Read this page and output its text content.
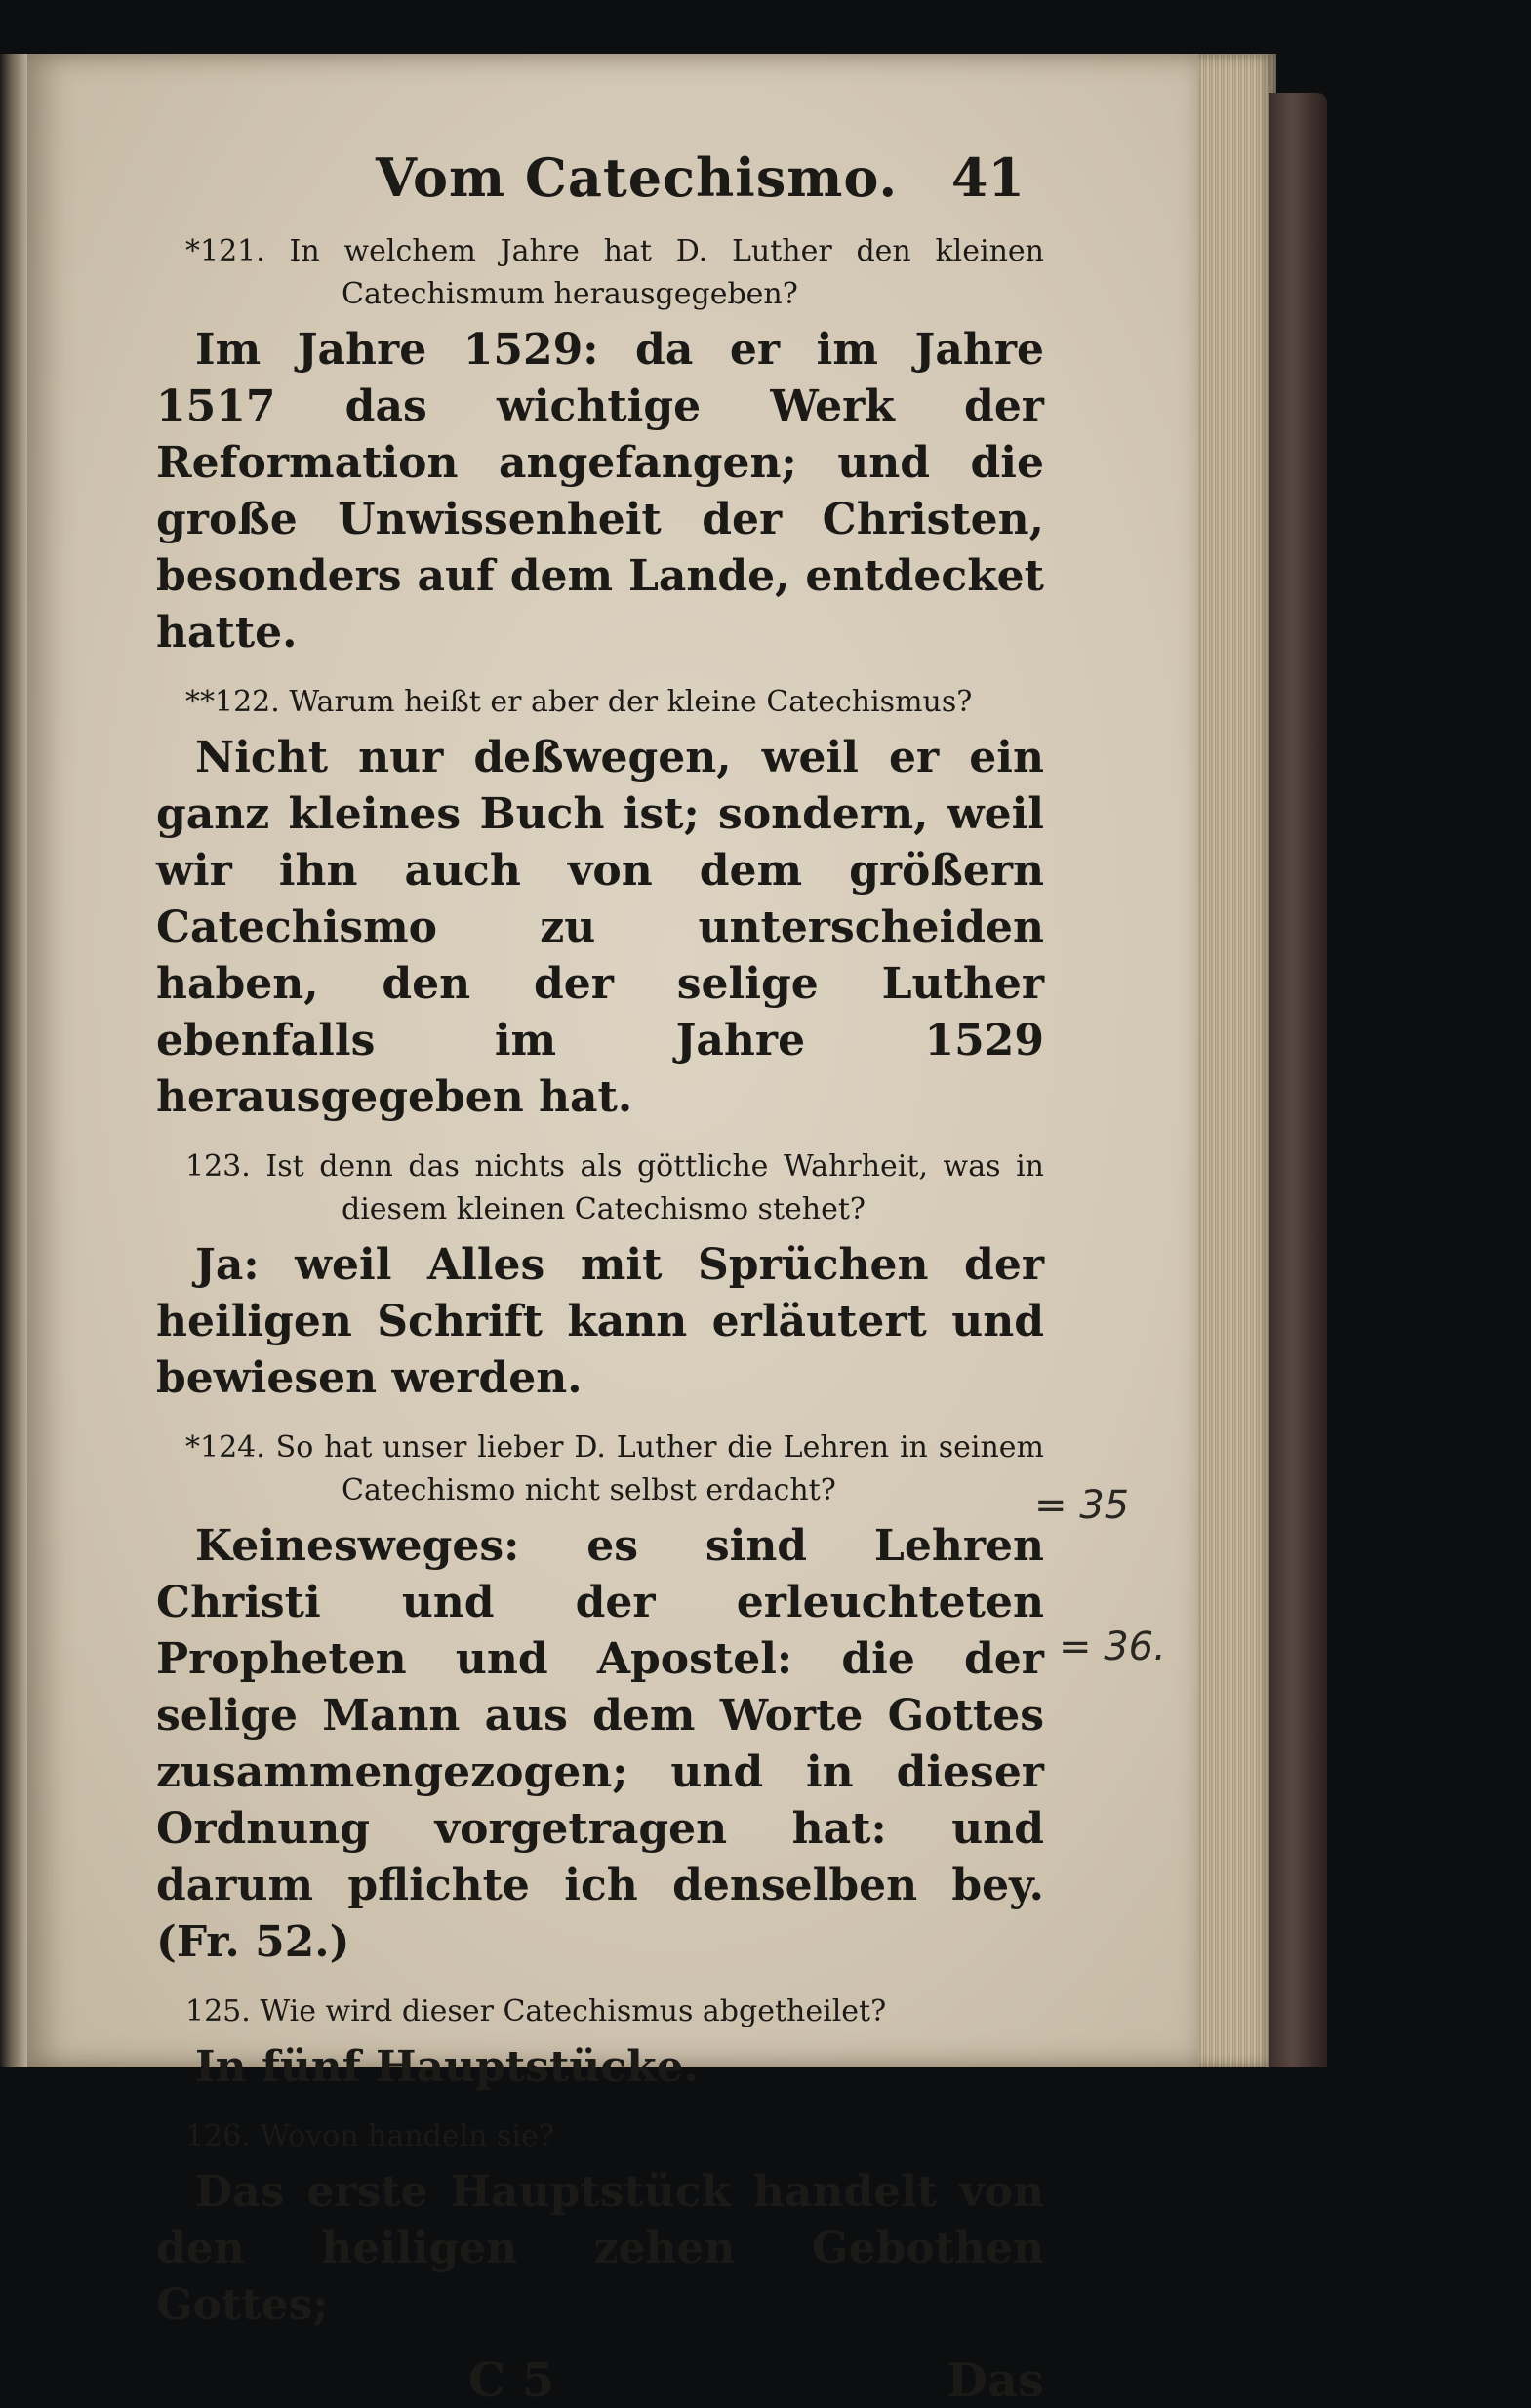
Vom Catechismo. 41

*121. In welchem Jahre hat D. Luther den kleinen Catechismum herausgegeben?

Im Jahre 1529: da er im Jahre 1517 das wichtige Werk der Reformation angefangen; und die große Unwissenheit der Christen, besonders auf dem Lande, entdecket hatte.

**122. Warum heißt er aber der kleine Catechismus?

Nicht nur deßwegen, weil er ein ganz kleines Buch ist; sondern, weil wir ihn auch von dem größern Catechismo zu unterscheiden haben, den der selige Luther ebenfalls im Jahre 1529 herausgegeben hat.

123. Ist denn das nichts als göttliche Wahrheit, was in diesem kleinen Catechismo stehet?

Ja: weil Alles mit Sprüchen der heiligen Schrift kann erläutert und bewiesen werden.

*124. So hat unser lieber D. Luther die Lehren in seinem Catechismo nicht selbst erdacht?

Keinesweges: es sind Lehren Christi und der erleuchteten Propheten und Apostel: die der selige Mann aus dem Worte Gottes zusammengezogen; und in dieser Ordnung vorgetragen hat: und darum pflichte ich denselben bey. (Fr. 52.)

125. Wie wird dieser Catechismus abgetheilet?

In fünf Hauptstücke.

126. Wovon handeln sie?

Das erste Hauptstück handelt von den heiligen zehen Gebothen Gottes;

C 5	Das
= 35
= 36.
